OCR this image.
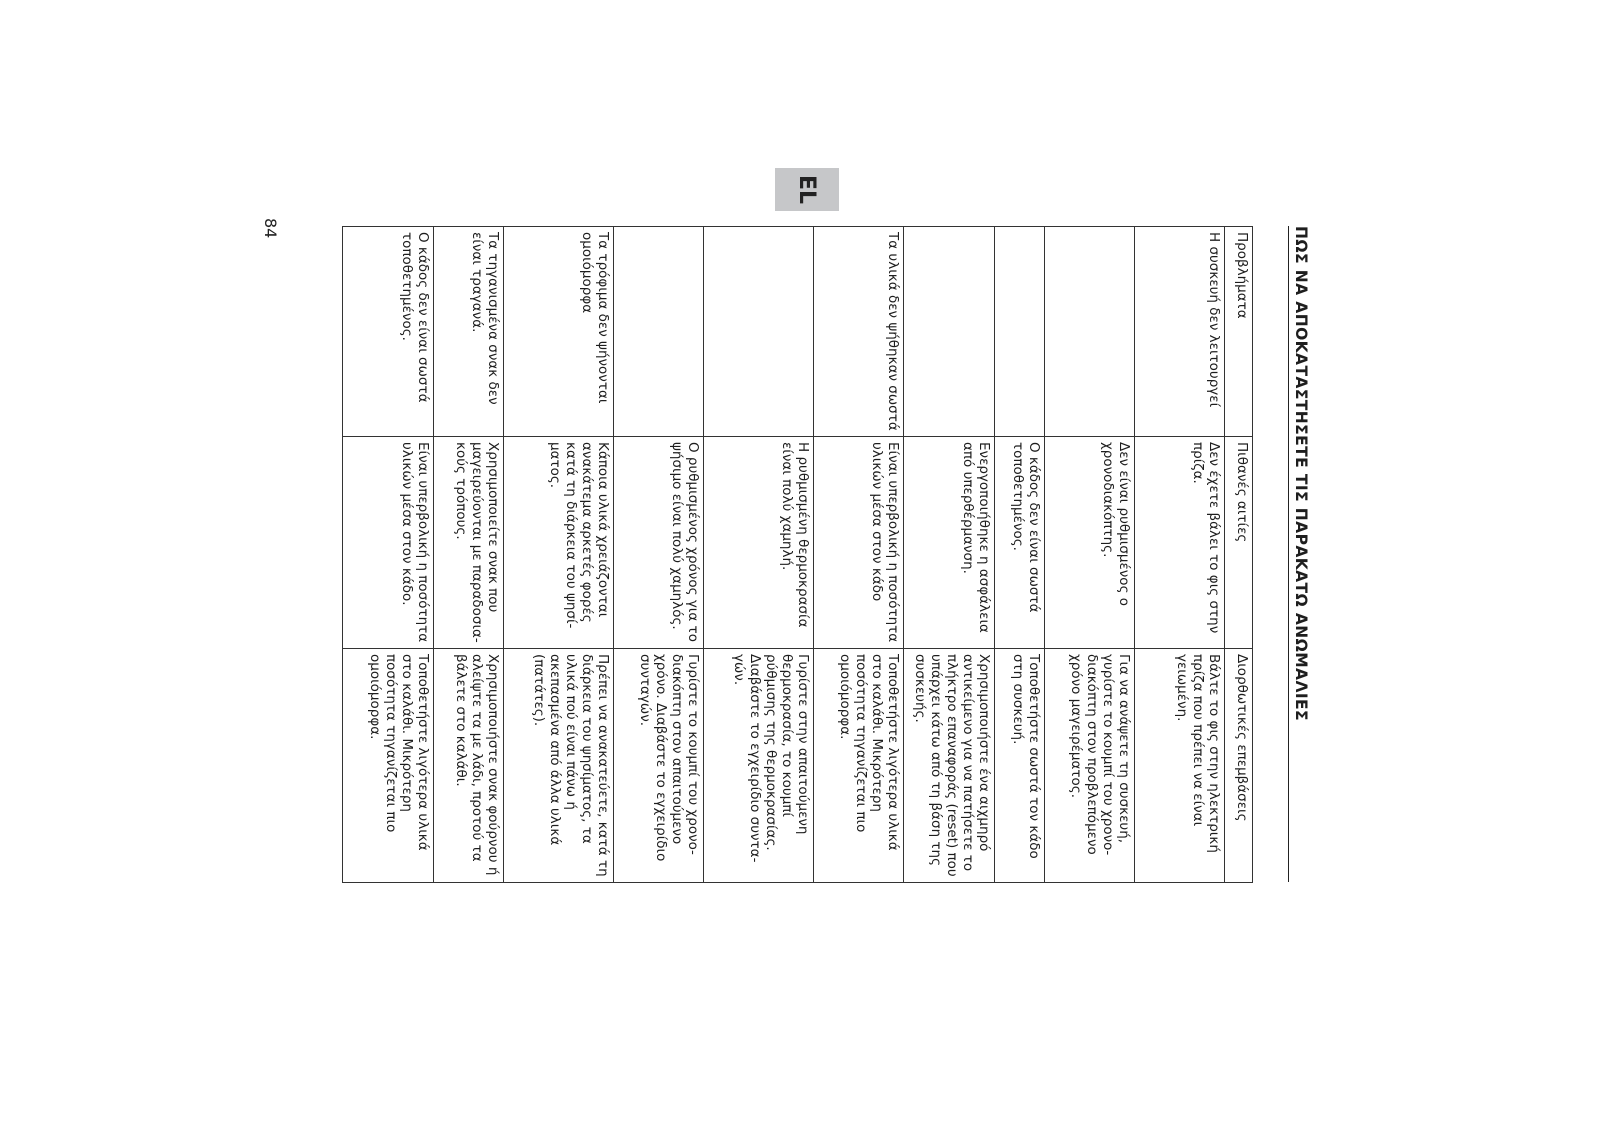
ΠΩΣ ΝΑ ΑΠΟΚΑΤΑΣΤΗΣΕΤΕ ΤΙΣ ΠΑΡΑΚΑΤΩ ΑΝΩΜΑΛΙΕΣ
EL
84
Προβλήματα	Πιθανές αιτίες	Διορθωτικές επεμβάσεις
Η συσκευή δεν λειτουργεί	Δεν έχετε βάλει το φις στην πρίζα.	Βάλτε το φις στην ηλεκτρική πρίζα που πρέπει να είναι γειωμένη.
	Δεν είναι ρυθμισμένος ο χρονοδιακόπτης.	Για να ανάψετε τη συσκευή, γυρίστε το κουμπί του χρονο-διακόπτη στον προβλεπόμενο χρόνο μαγειρέματος.
	Ο κάδος δεν είναι σωστά τοποθετημένος.	Τοποθετήστε σωστά τον κάδο στη συσκευή.
	Ενεργοποιήθηκε η ασφάλεια από υπερθέρμανση.	Χρησιμοποιήστε ένα αιχμηρό αντικείμενο για να πατήσετε το πλήκτρο επαναφοράς (reset) που υπάρχει κάτω από τη βάση της συσκευής.
Τα υλικά δεν ψήθηκαν σωστά	Είναι υπερβολική η ποσότητα υλικών μέσα στον κάδο	Τοποθετήστε λιγότερα υλικά στο καλάθι. Μικρότερη ποσότητα τηγανίζεται πιο ομοιόμορφα.
	Η ρυθμισμένη θερμοκρασία είναι πολύ χαμηλή.	Γυρίστε στην απαιτούμενη θερμοκρασία, το κουμπί ρύθμισης της θερμοκρασίας. Διαβάστε το εγχειρίδιο συντα-γών.
	Ο ρυθμισμένος χρόνος για το ψήσιμο είναι πολύ χαμηλός.	Γυρίστε το κουμπί του χρονο-διακόπτη στον απαιτούμενο χρόνο. Διαβάστε το εγχειρίδιο συνταγών.
Τα τρόφιμα δεν ψήνονται ομοιόμορφα	Κάποια υλικά χρειάζονται ανακάτεμα αρκετές φορές κατά τη διάρκεια του ψησί-ματος.	Πρέπει να ανακατεύετε, κατά τη διάρκεια του ψησίματος, τα υλικά πού είναι πάνω ή ακεπασμένα από άλλα υλικά (πατάτες).
Τα τηγανισμένα σνακ δεν είναι τραγανά.	Χρησιμοποιείτε σνακ που μαγειρεύονται με παραδοσια-κούς τρόπους.	Χρησιμοποιήστε σνακ φούρνου ή αλείψτε τα με λάδι, προτού τα βάλετε στο καλάθι.
Ο κάδος δεν είναι σωστά τοποθετημένος.	Είναι υπερβολική η ποσότητα υλικών μέσα στον κάδο.	Τοποθετήστε λιγότερα υλικά στο καλάθι. Μικρότερη ποσότητα τηγανίζεται πιο ομοιόμορφα.
